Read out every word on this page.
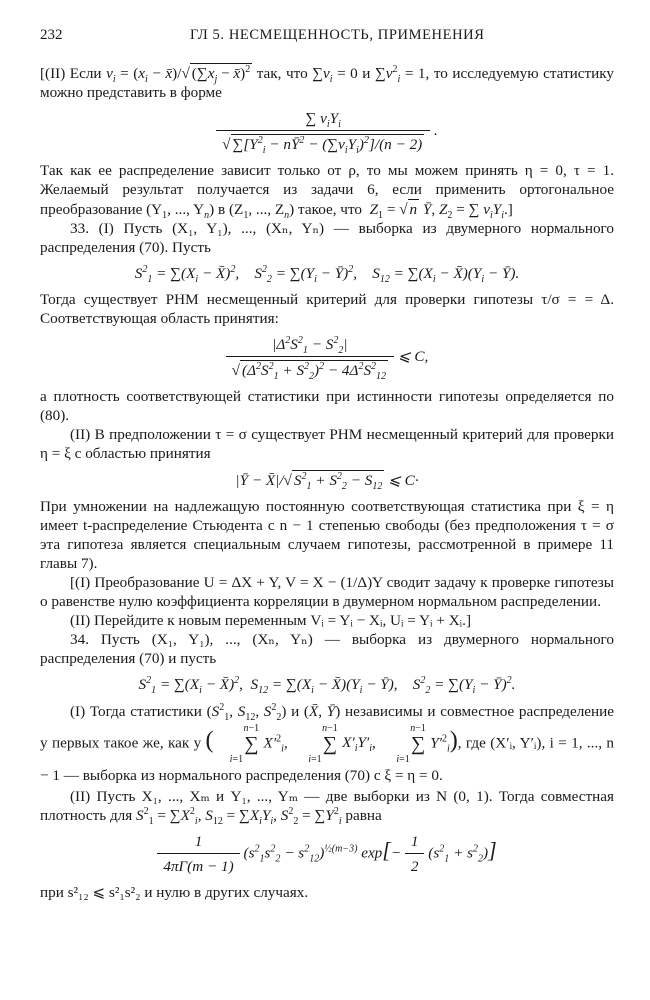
232	ГЛ 5. НЕСМЕЩЕННОСТЬ, ПРИМЕНЕНИЯ

[(II) Если $v_i = (x_i$ − x̄)/√ ($\sum x_j$ − x̄)$^2$ так, что $\sum v_i = 0$ и $\sum v^2_i = 1$, то исследуемую статистику можно представить в форме

$\frac{\sum v_iY_i}{√ \sum[Y^2_i - nȲ^2 - (\sum v_iY_i)^2]/(n - 2)}$ .

Так как ее распределение зависит только от ρ, то мы можем принять η = 0, τ = 1. Желаемый результат получается из задачи 6, если применить ортогональное преобразование ($Y_1$, ..., $Y_n$) в ($Z_1$, ..., $Z_n$) такое, что $Z_1$ = √ n Ȳ, $Z_2$ = ∑ $v_iY_i$.]

33. (I) Пусть (X₁, Y₁), ..., (Xₙ, Yₙ) — выборка из двумерного нормального распределения (70). Пусть

$S^2_1 = \sum(X_i$ − X̄)$^2$,    $S^2_2 = \sum(Y_i$ − Ȳ)$^2$,    $S_{12} = \sum(X_i$ − $X̄)(Y_i$ − Ȳ).

Тогда существует РНМ несмещенный критерий для проверки гипотезы τ/σ = = Δ. Соответствующая область принятия:

$\frac{|\Delta^2S^2_1 - S^2_2|}{√ (\Delta^2S^2_1 + S^2_2)^2 - 4\Delta^2S^2_{12}}$ ⩽ C,

а плотность соответствующей статистики при истинности гипотезы определяется по (80).

(II) В предположении τ = σ существует РНМ несмещенный критерий для проверки η = ξ с областью принятия

|Ȳ − X̄|/√ $S^2_1 + S^2_2 - S_{12}$ ⩽ C·

При умножении на надлежащую постоянную соответствующая статистика при ξ = η имеет t-распределение Стьюдента с n − 1 степенью свободы (без предположения τ = σ эта гипотеза является специальным случаем гипотезы, рассмотренной в примере 11 главы 7).

[(I) Преобразование U = ΔX + Y, V = X − (1/Δ)Y сводит задачу к проверке гипотезы о равенстве нулю коэффициента корреляции в двумерном нормальном распределении.

(II) Перейдите к новым переменным Vᵢ = Yᵢ − Xᵢ, Uᵢ = Yᵢ + Xᵢ.]

34. Пусть (X₁, Y₁), ..., (Xₙ, Yₙ) — выборка из двумерного нормального распределения (70) и пусть

$S^2_1 = \sum(X_i$ − X̄)$^2$,  $S_{12} = \sum(X_i$ − $X̄)(Y_i$ − Ȳ),    $S^2_2 = \sum(Y_i$ − Ȳ)$^2$.

(I) Тогда статистики ($S^2_1$, $S_{12}$, $S^2_2$) и (X̄, Ȳ) независимы и совместное распределение у первых такое же, как у (	n−1
∑
i=1 $X'^2_i$, n−1
∑
i=1 $X'_iY'_i$, n−1
∑
i=1 $Y'^2_i$), где (X′ᵢ, Y′ᵢ), i = 1, ..., n − 1 — выборка из нормального распределения (70) с ξ = η = 0.

(II) Пусть X₁, ..., Xₘ и Y₁, ..., Yₘ — две выборки из N (0, 1). Тогда совместная плотность для $S^2_1 = \sum X^2_i$, $S_{12} = \sum X_iY_i$, $S^2_2 = \sum Y^2_i$ равна

$\frac{1}{4\pi\Gamma(m - 1)} (s^2_1s^2_2 - s^2_{12})^{\frac{1}{2}(m-3)}$ $\exp[- \frac{1}{2} (s^2_1 + s^2_2)]$

при s²₁₂ ⩽ s²₁s²₂ и нулю в других случаях.
